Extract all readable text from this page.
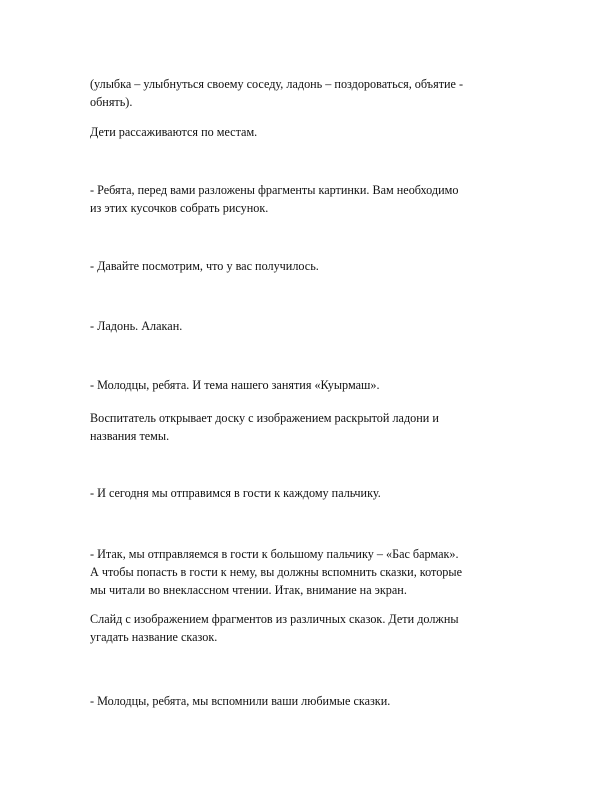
(улыбка – улыбнуться своему соседу, ладонь – поздороваться, объятие -
обнять).

Дети рассаживаются по местам.

- Ребята, перед вами разложены фрагменты картинки. Вам необходимо
из этих кусочков собрать рисунок.

- Давайте посмотрим, что у вас получилось.

- Ладонь. Алакан.

- Молодцы, ребята. И тема нашего занятия «Куырмаш».

Воспитатель открывает доску с изображением раскрытой ладони и
названия темы.

- И сегодня мы отправимся в гости к каждому пальчику.

- Итак, мы отправляемся в гости к большому пальчику – «Бас бармак».
А чтобы попасть в гости к нему, вы должны вспомнить сказки, которые
мы читали во внеклассном чтении. Итак, внимание на экран.

Слайд с изображением фрагментов из различных сказок. Дети должны
угадать название сказок.

- Молодцы, ребята, мы вспомнили ваши любимые сказки.
